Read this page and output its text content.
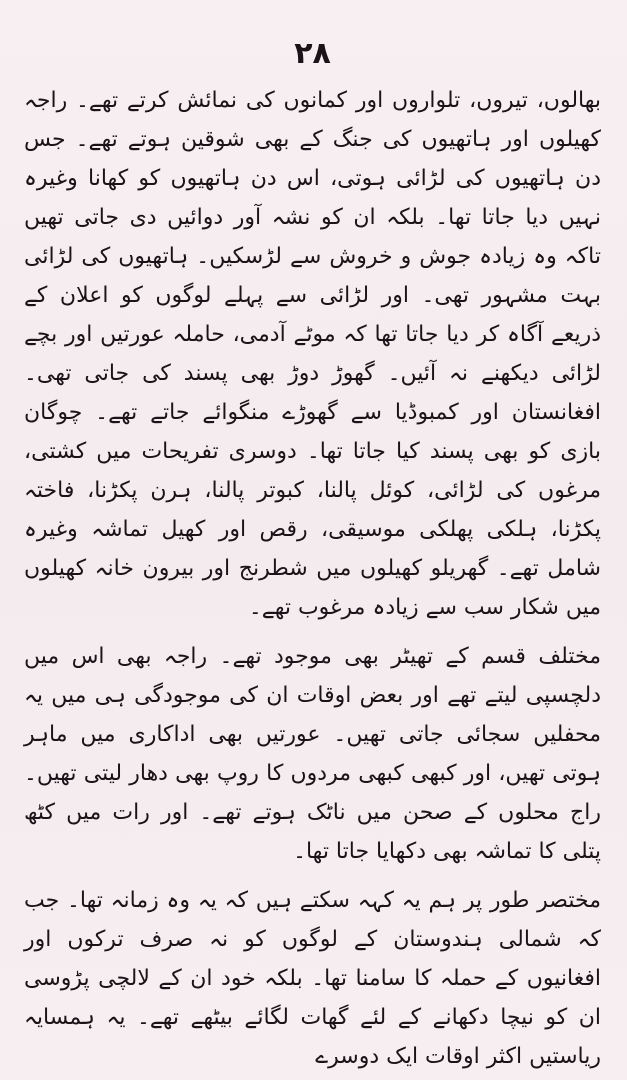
۲۸

بھالوں، تیروں، تلواروں اور کمانوں کی نمائش کرتے تھے۔ راجہ کھیلوں اور ہاتھیوں کی جنگ کے بھی شوقین ہوتے تھے۔ جس دن ہاتھیوں کی لڑائی ہوتی، اس دن ہاتھیوں کو کھانا وغیرہ نہیں دیا جاتا تھا۔ بلکہ ان کو نشہ آور دوائیں دی جاتی تھیں تاکہ وہ زیادہ جوش و خروش سے لڑسکیں۔ ہاتھیوں کی لڑائی بہت مشہور تھی۔ اور لڑائی سے پہلے لوگوں کو اعلان کے ذریعے آگاہ کر دیا جاتا تھا کہ موٹے آدمی، حاملہ عورتیں اور بچے لڑائی دیکھنے نہ آئیں۔ گھوڑ دوڑ بھی پسند کی جاتی تھی۔ افغانستان اور کمبوڈیا سے گھوڑے منگوائے جاتے تھے۔ چوگان بازی کو بھی پسند کیا جاتا تھا۔ دوسری تفریحات میں کشتی، مرغوں کی لڑائی، کوئل پالنا، کبوتر پالنا، ہرن پکڑنا، فاختہ پکڑنا، ہلکی پھلکی موسیقی، رقص اور کھیل تماشہ وغیرہ شامل تھے۔ گھریلو کھیلوں میں شطرنج اور بیرون خانہ کھیلوں میں شکار سب سے زیادہ مرغوب تھے۔

مختلف قسم کے تھیٹر بھی موجود تھے۔ راجہ بھی اس میں دلچسپی لیتے تھے اور بعض اوقات ان کی موجودگی ہی میں یہ محفلیں سجائی جاتی تھیں۔ عورتیں بھی اداکاری میں ماہر ہوتی تھیں، اور کبھی کبھی مردوں کا روپ بھی دھار لیتی تھیں۔ راج محلوں کے صحن میں ناٹک ہوتے تھے۔ اور رات میں کٹھ پتلی کا تماشہ بھی دکھایا جاتا تھا۔

مختصر طور پر ہم یہ کہہ سکتے ہیں کہ یہ وہ زمانہ تھا۔ جب کہ شمالی ہندوستان کے لوگوں کو نہ صرف ترکوں اور افغانیوں کے حملہ کا سامنا تھا۔ بلکہ خود ان کے لالچی پڑوسی ان کو نیچا دکھانے کے لئے گھات لگائے بیٹھے تھے۔ یہ ہمسایہ ریاستیں اکثر اوقات ایک دوسرے
